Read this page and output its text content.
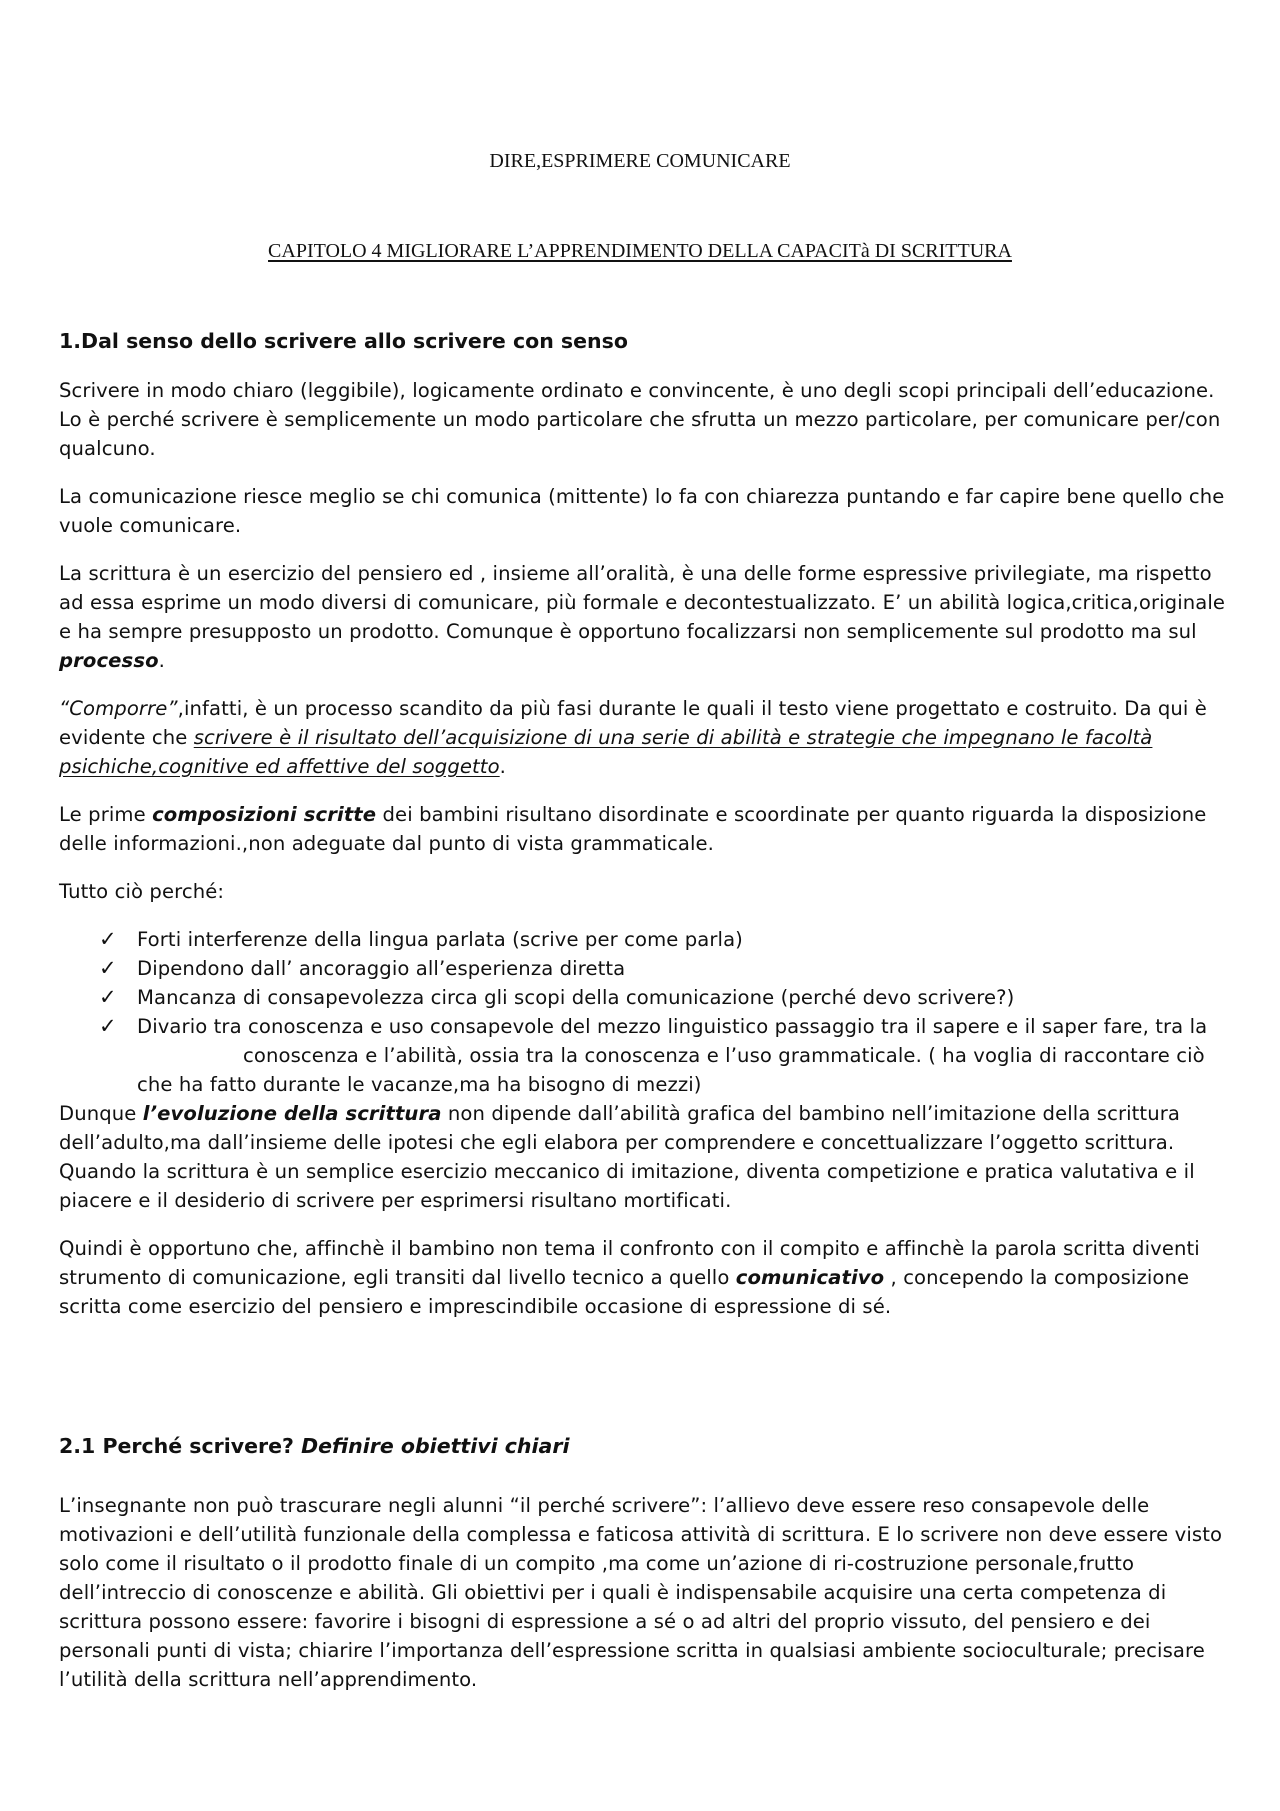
DIRE,ESPRIMERE COMUNICARE
CAPITOLO 4 MIGLIORARE L’APPRENDIMENTO DELLA CAPACITà DI SCRITTURA
1.Dal senso dello scrivere allo scrivere con senso

Scrivere in modo chiaro (leggibile), logicamente ordinato e convincente, è uno degli scopi principali dell’educazione. Lo è perché scrivere è semplicemente un modo particolare che sfrutta un mezzo particolare, per comunicare per/con qualcuno.

La comunicazione riesce meglio se chi comunica (mittente) lo fa con chiarezza puntando e far capire bene quello che vuole comunicare.

La scrittura è un esercizio del pensiero ed , insieme all’oralità, è una delle forme espressive privilegiate, ma rispetto ad essa esprime un modo diversi di comunicare, più formale e decontestualizzato. E’ un abilità logica,critica,originale e ha sempre presupposto un prodotto. Comunque è opportuno focalizzarsi non semplicemente sul prodotto ma sul processo.

“Comporre”,infatti, è un processo scandito da più fasi durante le quali il testo viene progettato e costruito. Da qui è evidente che scrivere è il risultato dell’acquisizione di una serie di abilità e strategie che impegnano le facoltà psichiche,cognitive ed affettive del soggetto.

Le prime composizioni scritte dei bambini risultano disordinate e scoordinate per quanto riguarda la disposizione delle informazioni.,non adeguate dal punto di vista grammaticale.

Tutto ciò perché:

✓ Forti interferenze della lingua parlata (scrive per come parla)
✓ Dipendono dall’ ancoraggio all’esperienza diretta
✓ Mancanza di consapevolezza circa gli scopi della comunicazione (perché devo scrivere?)
✓ Divario tra conoscenza e uso consapevole del mezzo linguistico passaggio tra il sapere e il saper fare, tra laconoscenza e l’abilità, ossia tra la conoscenza e l’uso grammaticale. ( ha voglia di raccontare ciò che ha fatto durante le vacanze,ma ha bisogno di mezzi)

Dunque l’evoluzione della scrittura non dipende dall’abilità grafica del bambino nell’imitazione della scrittura dell’adulto,ma dall’insieme delle ipotesi che egli elabora per comprendere e concettualizzare l’oggetto scrittura. Quando la scrittura è un semplice esercizio meccanico di imitazione, diventa competizione e pratica valutativa e il piacere e il desiderio di scrivere per esprimersi risultano mortificati.

Quindi è opportuno che, affinchè il bambino non tema il confronto con il compito e affinchè la parola scritta diventi strumento di comunicazione, egli transiti dal livello tecnico a quello comunicativo , concependo la composizione scritta come esercizio del pensiero e imprescindibile occasione di espressione di sé.

2.1 Perché scrivere? Definire obiettivi chiari

L’insegnante non può trascurare negli alunni “il perché scrivere”: l’allievo deve essere reso consapevole delle motivazioni e dell’utilità funzionale della complessa e faticosa attività di scrittura. E lo scrivere non deve essere visto solo come il risultato o il prodotto finale di un compito ,ma come un’azione di ri-costruzione personale,frutto dell’intreccio di conoscenze e abilità. Gli obiettivi per i quali è indispensabile acquisire una certa competenza di scrittura possono essere: favorire i bisogni di espressione a sé o ad altri del proprio vissuto, del pensiero e dei personali punti di vista; chiarire l’importanza dell’espressione scritta in qualsiasi ambiente socioculturale; precisare l’utilità della scrittura nell’apprendimento.
